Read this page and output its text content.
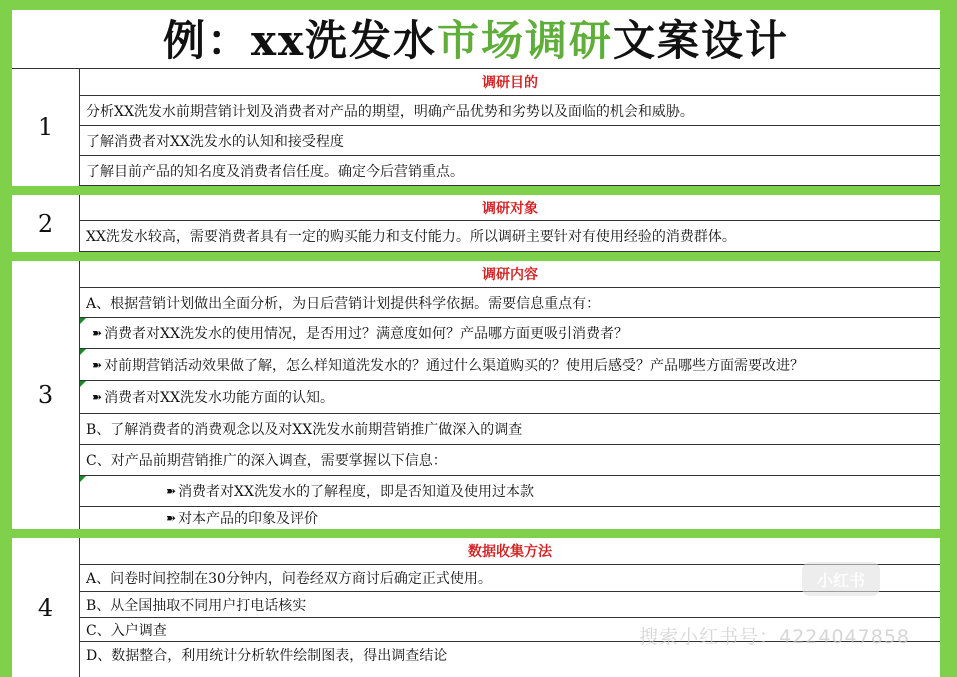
例：xx洗发水市场调研文案设计
1
调研目的
分析XX洗发水前期营销计划及消费者对产品的期望，明确产品优势和劣势以及面临的机会和威胁。
了解消费者对XX洗发水的认知和接受程度
了解目前产品的知名度及消费者信任度。确定今后营销重点。
2
调研对象
XX洗发水较高，需要消费者具有一定的购买能力和支付能力。所以调研主要针对有使用经验的消费群体。
3
调研内容
A、根据营销计划做出全面分析，为日后营销计划提供科学依据。需要信息重点有：
➽ 消费者对XX洗发水的使用情况，是否用过？满意度如何？产品哪方面更吸引消费者？
➽ 对前期营销活动效果做了解，怎么样知道洗发水的？通过什么渠道购买的？使用后感受？产品哪些方面需要改进？
➽ 消费者对XX洗发水功能方面的认知。
B、了解消费者的消费观念以及对XX洗发水前期营销推广做深入的调查
C、对产品前期营销推广的深入调查，需要掌握以下信息：
➽ 消费者对XX洗发水的了解程度，即是否知道及使用过本款
➽ 对本产品的印象及评价
4
数据收集方法
A、问卷时间控制在30分钟内，问卷经双方商讨后确定正式使用。
B、从全国抽取不同用户打电话核实
C、入户调查
D、数据整合，利用统计分析软件绘制图表，得出调查结论
小红书
搜索小红书号：4224047858
